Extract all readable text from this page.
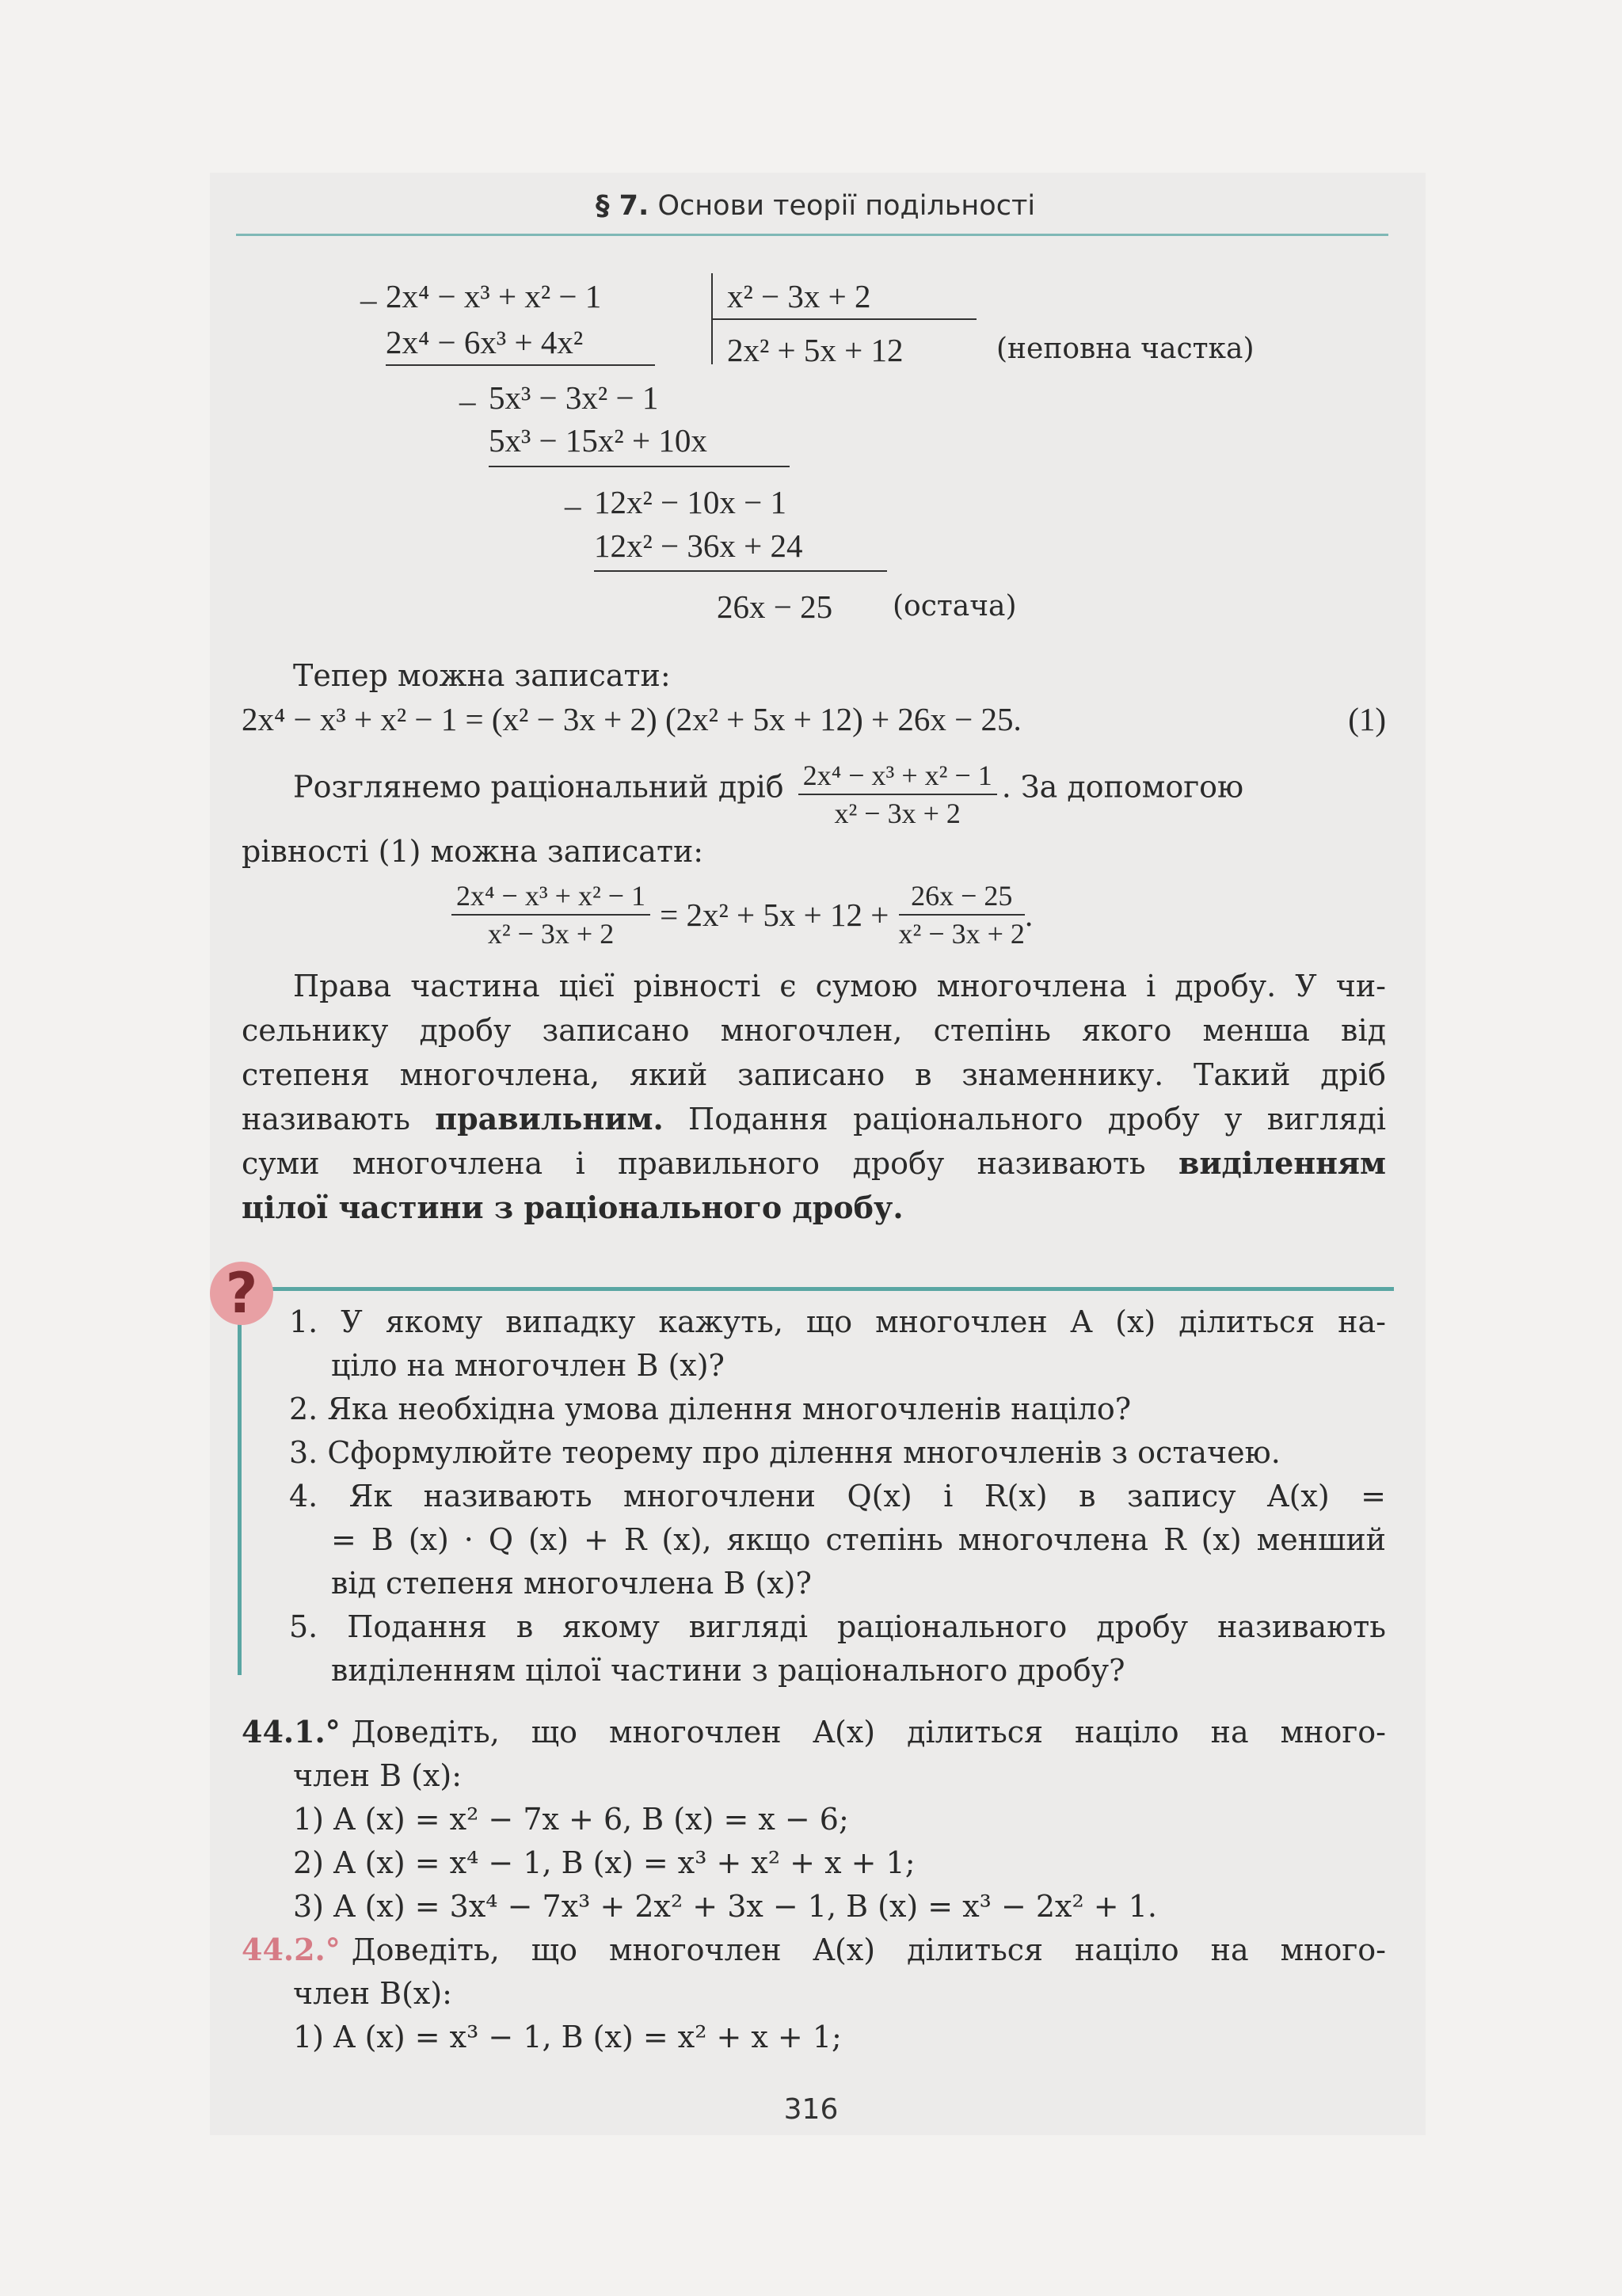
§ 7. Основи теорії подільності
_ 2x⁴ − x³ + x² − 1	x² − 3x + 2
2x⁴ − 6x³ + 4x²	2x² + 5x + 12	(неповна частка)
_ 5x³ − 3x² − 1
5x³ − 15x² + 10x
_ 12x² − 10x − 1
12x² − 36x + 24
26x − 25 (остача)
Тепер можна записати:
2x⁴ − x³ + x² − 1 = (x² − 3x + 2) (2x² + 5x + 12) + 26x − 25.	(1)
Розглянемо раціональний дріб $\frac{\text{2x⁴ − x³ + x² − 1}}{\text{x² − 3x + 2}}$ . За допомогою
рівності (1) можна записати:
$\frac{\text{2x⁴ − x³ + x² − 1}}{\text{x² − 3x + 2}} = 2x^2 + 5x + 12 + \frac{26x - 25}{\text{x² − 3x + 2}}$ .
Права частина цієї рівності є сумою многочлена і дробу. У чи-
сельнику дробу записано многочлен, степінь якого менша від
степеня многочлена, який записано в знаменнику. Такий дріб
називають правильним. Подання раціонального дробу у вигляді
суми многочлена і правильного дробу називають виділенням
цілої частини з раціонального дробу.
?	1. У якому випадку кажуть, що многочлен A (x) ділиться на-
ціло на многочлен B (x)?
2. Яка необхідна умова ділення многочленів націло?
3. Сформулюйте теорему про ділення многочленів з остачею.
4. Як називають многочлени Q(x) і R(x) в запису A(x) =
= B (x) · Q (x) + R (x), якщо степінь многочлена R (x) менший
від степеня многочлена B (x)?
5. Подання в якому вигляді раціонального дробу називають
виділенням цілої частини з раціонального дробу?
44.1.° Доведіть, що многочлен A(x) ділиться націло на много-
член B (x):
1) A (x) = x² − 7x + 6, B (x) = x − 6;
2) A (x) = x⁴ − 1, B (x) = x³ + x² + x + 1;
3) A (x) = 3x⁴ − 7x³ + 2x² + 3x − 1, B (x) = x³ − 2x² + 1.
44.2.° Доведіть, що многочлен A(x) ділиться націло на много-
член B(x):
1) A (x) = x³ − 1, B (x) = x² + x + 1;
316
